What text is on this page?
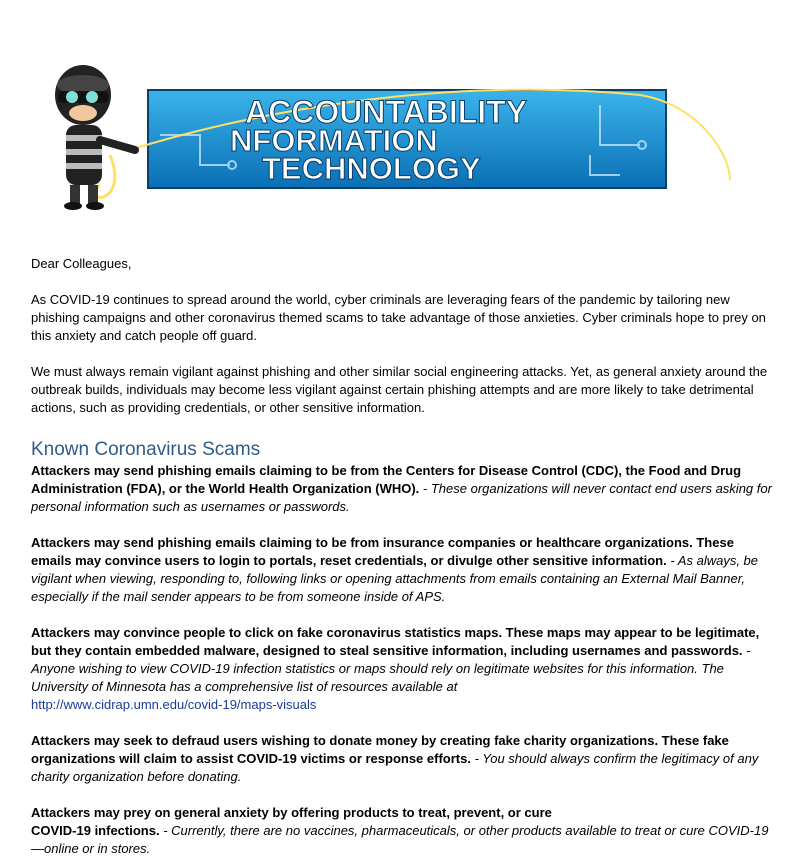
ACCOUNTABILITY
NFORMATION
TECHNOLOGY

Dear Colleagues,

As COVID-19 continues to spread around the world, cyber criminals are leveraging fears of the pandemic by tailoring new phishing campaigns and other coronavirus themed scams to take advantage of those anxieties. Cyber criminals hope to prey on this anxiety and catch people off guard.

We must always remain vigilant against phishing and other similar social engineering attacks. Yet, as general anxiety around the outbreak builds, individuals may become less vigilant against certain phishing attempts and are more likely to take detrimental actions, such as providing credentials, or other sensitive information.

Known Coronavirus Scams

Attackers may send phishing emails claiming to be from the Centers for Disease Control (CDC), the Food and Drug Administration (FDA), or the World Health Organization (WHO). - These organizations will never contact end users asking for personal information such as usernames or passwords.

Attackers may send phishing emails claiming to be from insurance companies or healthcare organizations. These emails may convince users to login to portals, reset credentials, or divulge other sensitive information. - As always, be vigilant when viewing, responding to, following links or opening attachments from emails containing an External Mail Banner, especially if the mail sender appears to be from someone inside of APS.

Attackers may convince people to click on fake coronavirus statistics maps. These maps may appear to be legitimate, but they contain embedded malware, designed to steal sensitive information, including usernames and passwords. - Anyone wishing to view COVID-19 infection statistics or maps should rely on legitimate websites for this information. The University of Minnesota has a comprehensive list of resources available at
http://www.cidrap.umn.edu/covid-19/maps-visuals

Attackers may seek to defraud users wishing to donate money by creating fake charity organizations. These fake organizations will claim to assist COVID-19 victims or response efforts. - You should always confirm the legitimacy of any charity organization before donating.

Attackers may prey on general anxiety by offering products to treat, prevent, or cure
COVID-19 infections. - Currently, there are no vaccines, pharmaceuticals, or other products available to treat or cure COVID-19—online or in stores.
